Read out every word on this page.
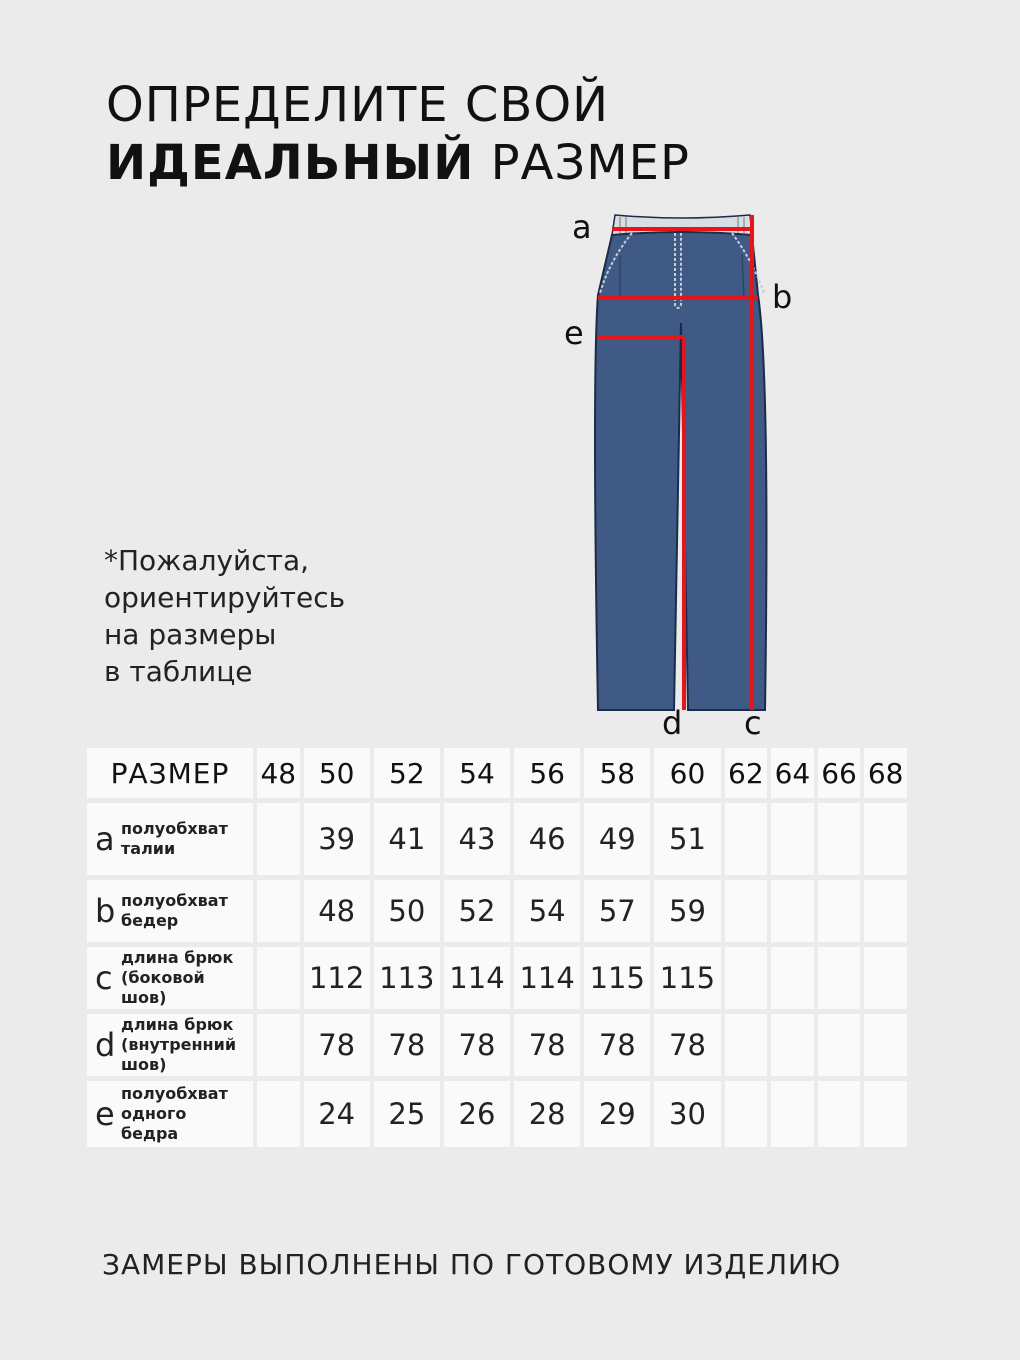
ОПРЕДЕЛИТЕ СВОЙ
ИДЕАЛЬНЫЙ РАЗМЕР
*Пожалуйста,
ориентируйтесь
на размеры
в таблице
a
b
e
d c
РАЗМЕР	48	50	52	54	56	58	60	62	64	66	68
a полуобхват
талии		39	41	43	46	49	51				
b полуобхват
бедер		48	50	52	54	57	59				
c
длина брюк
(боковой
шов)		112	113	114	114	115	115				
d
длина брюк
(внутренний
шов)		78	78	78	78	78	78				
e
полуобхват
одного
бедра		24	25	26	28	29	30				
ЗАМЕРЫ ВЫПОЛНЕНЫ ПО ГОТОВОМУ ИЗДЕЛИЮ
